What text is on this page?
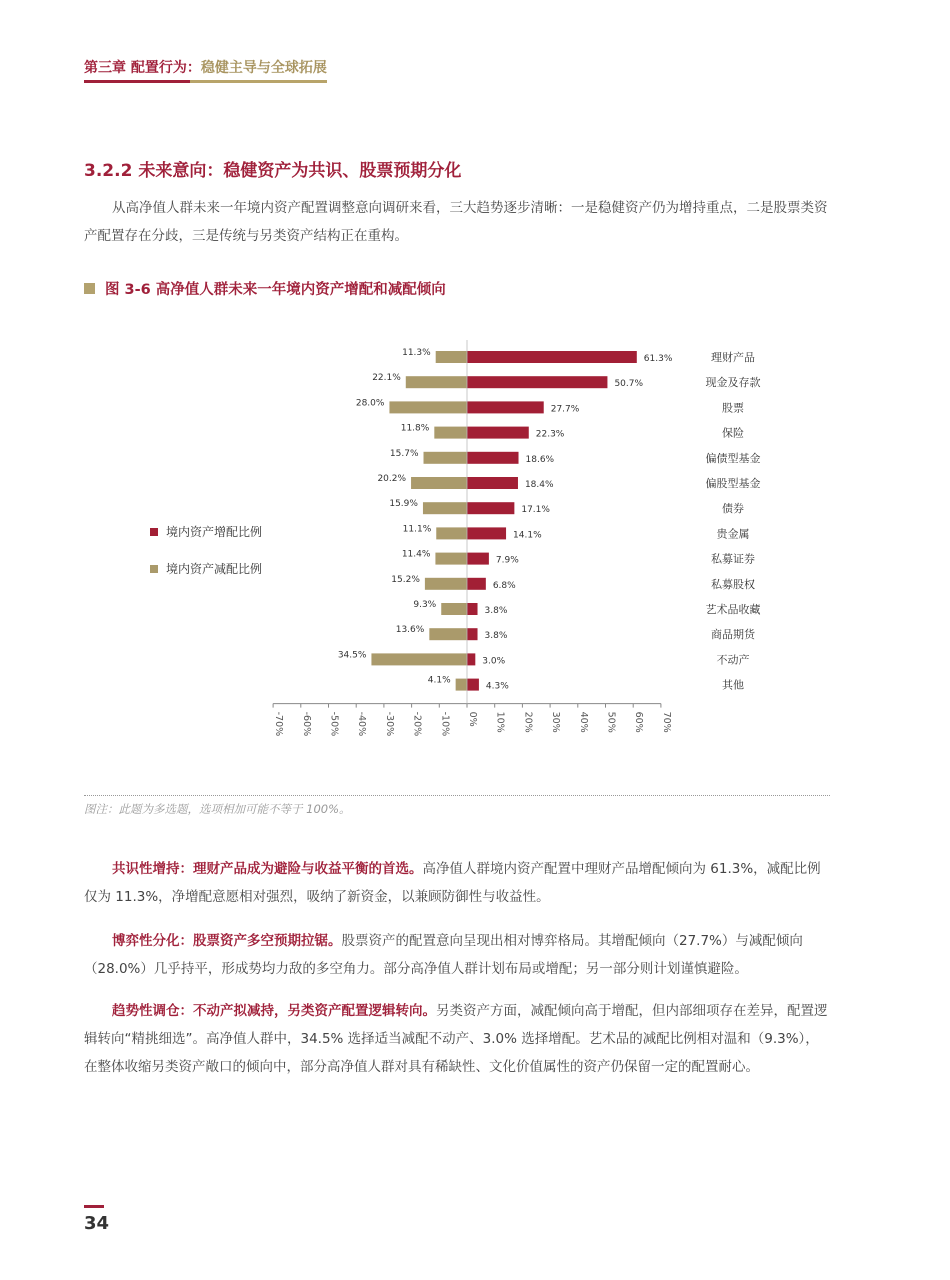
第三章 配置行为：稳健主导与全球拓展
3.2.2 未来意向：稳健资产为共识、股票预期分化
从高净值人群未来一年境内资产配置调整意向调研来看，三大趋势逐步清晰：一是稳健资产仍为增持重点，二是股票类资产配置存在分歧，三是传统与另类资产结构正在重构。
图 3-6 高净值人群未来一年境内资产增配和减配倾向
11.3%
61.3%	理财产品
22.1%
50.7%	现金及存款
28.0%
27.7%	股票
11.8%
22.3%	保险
15.7%
18.6%	偏债型基金
20.2%
18.4%	偏股型基金
15.9%
17.1%	债券
11.1%
14.1%	贵金属
11.4%
7.9%	私募证券
15.2%
6.8%	私募股权
9.3%
3.8%	艺术品收藏
13.6%
3.8%	商品期货
34.5%
3.0%	不动产
4.1%
4.3%	其他
-70% -60% -50% -40% -30% -20% -10% 0% 10% 20% 30% 40% 50% 60% 70%
境内资产增配比例
境内资产减配比例
图注：此题为多选题，选项相加可能不等于 100%。
共识性增持：理财产品成为避险与收益平衡的首选。高净值人群境内资产配置中理财产品增配倾向为 61.3%，减配比例仅为 11.3%，净增配意愿相对强烈，吸纳了新资金，以兼顾防御性与收益性。
博弈性分化：股票资产多空预期拉锯。股票资产的配置意向呈现出相对博弈格局。其增配倾向（27.7%）与减配倾向（28.0%）几乎持平，形成势均力敌的多空角力。部分高净值人群计划布局或增配；另一部分则计划谨慎避险。
趋势性调仓：不动产拟减持，另类资产配置逻辑转向。另类资产方面，减配倾向高于增配，但内部细项存在差异，配置逻辑转向“精挑细选”。高净值人群中，34.5% 选择适当减配不动产、3.0% 选择增配。艺术品的减配比例相对温和（9.3%），在整体收缩另类资产敞口的倾向中，部分高净值人群对具有稀缺性、文化价值属性的资产仍保留一定的配置耐心。
34
